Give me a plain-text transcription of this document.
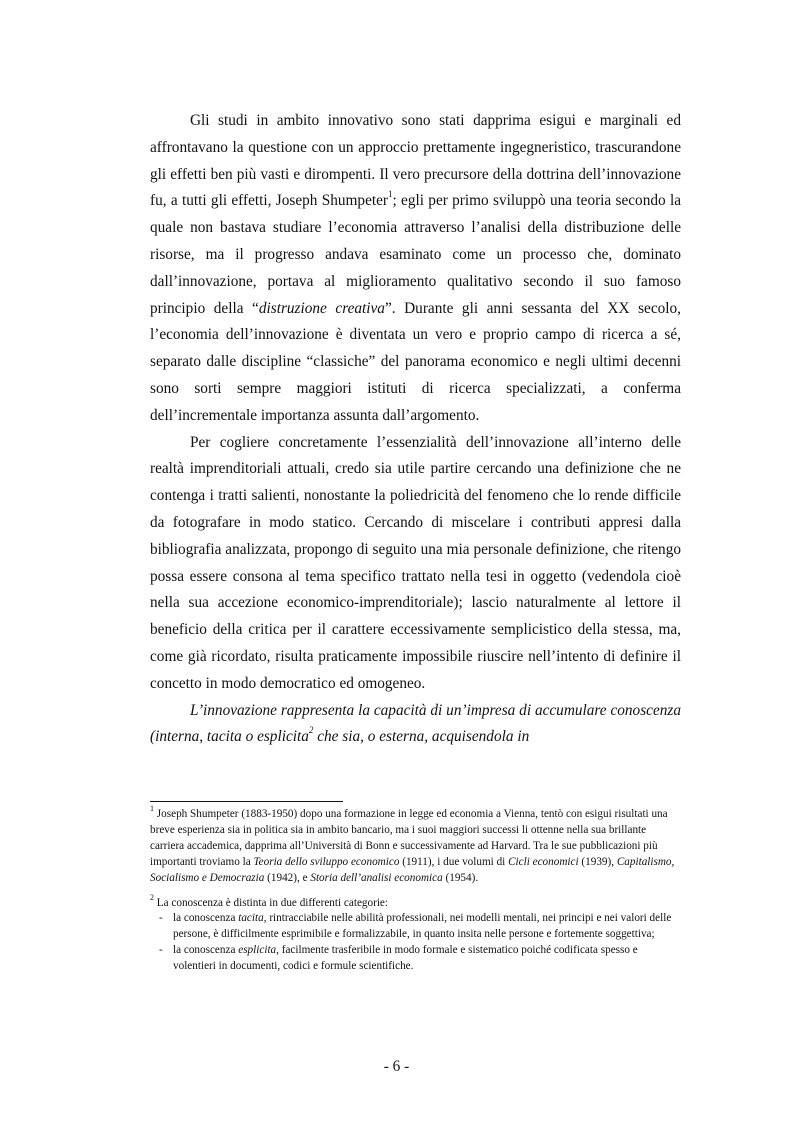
Gli studi in ambito innovativo sono stati dapprima esigui e marginali ed affrontavano la questione con un approccio prettamente ingegneristico, trascurandone gli effetti ben più vasti e dirompenti. Il vero precursore della dottrina dell’innovazione fu, a tutti gli effetti, Joseph Shumpeter$^1$; egli per primo sviluppò una teoria secondo la quale non bastava studiare l’economia attraverso l’analisi della distribuzione delle risorse, ma il progresso andava esaminato come un processo che, dominato dall’innovazione, portava al miglioramento qualitativo secondo il suo famoso principio della “distruzione creativa”. Durante gli anni sessanta del XX secolo, l’economia dell’innovazione è diventata un vero e proprio campo di ricerca a sé, separato dalle discipline “classiche” del panorama economico e negli ultimi decenni sono sorti sempre maggiori istituti di ricerca specializzati, a conferma dell’incrementale importanza assunta dall’argomento.

Per cogliere concretamente l’essenzialità dell’innovazione all’interno delle realtà imprenditoriali attuali, credo sia utile partire cercando una definizione che ne contenga i tratti salienti, nonostante la poliedricità del fenomeno che lo rende difficile da fotografare in modo statico. Cercando di miscelare i contributi appresi dalla bibliografia analizzata, propongo di seguito una mia personale definizione, che ritengo possa essere consona al tema specifico trattato nella tesi in oggetto (vedendola cioè nella sua accezione economico-imprenditoriale); lascio naturalmente al lettore il beneficio della critica per il carattere eccessivamente semplicistico della stessa, ma, come già ricordato, risulta praticamente impossibile riuscire nell’intento di definire il concetto in modo democratico ed omogeneo.

L’innovazione rappresenta la capacità di un’impresa di accumulare conoscenza (interna, tacita o esplicita$^2$ che sia, o esterna, acquisendola in

$^1$ Joseph Shumpeter (1883-1950) dopo una formazione in legge ed economia a Vienna, tentò con esigui risultati una breve esperienza sia in politica sia in ambito bancario, ma i suoi maggiori successi li ottenne nella sua brillante carriera accademica, dapprima all’Università di Bonn e successivamente ad Harvard. Tra le sue pubblicazioni più importanti troviamo la Teoria dello sviluppo economico (1911), i due volumi di Cicli economici (1939), Capitalismo, Socialismo e Democrazia (1942), e Storia dell’analisi economica (1954).

$^2$ La conoscenza è distinta in due differenti categorie:

- la conoscenza tacita, rintracciabile nelle abilità professionali, nei modelli mentali, nei principi e nei valori delle persone, è difficilmente esprimibile e formalizzabile, in quanto insita nelle persone e fortemente soggettiva;
- la conoscenza esplicita, facilmente trasferibile in modo formale e sistematico poiché codificata spesso e volentieri in documenti, codici e formule scientifiche.
- 6 -
